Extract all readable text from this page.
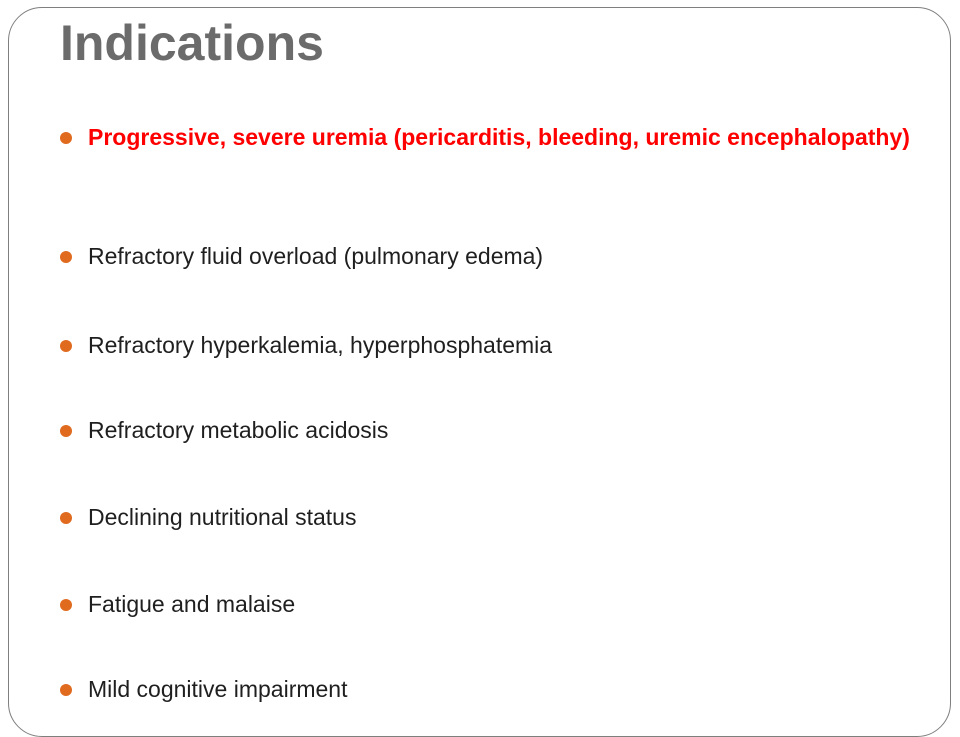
Indications
Progressive, severe uremia (pericarditis, bleeding, uremic encephalopathy)
Refractory fluid overload (pulmonary edema)
Refractory hyperkalemia, hyperphosphatemia
Refractory metabolic acidosis
Declining nutritional status
Fatigue and malaise
Mild cognitive impairment
